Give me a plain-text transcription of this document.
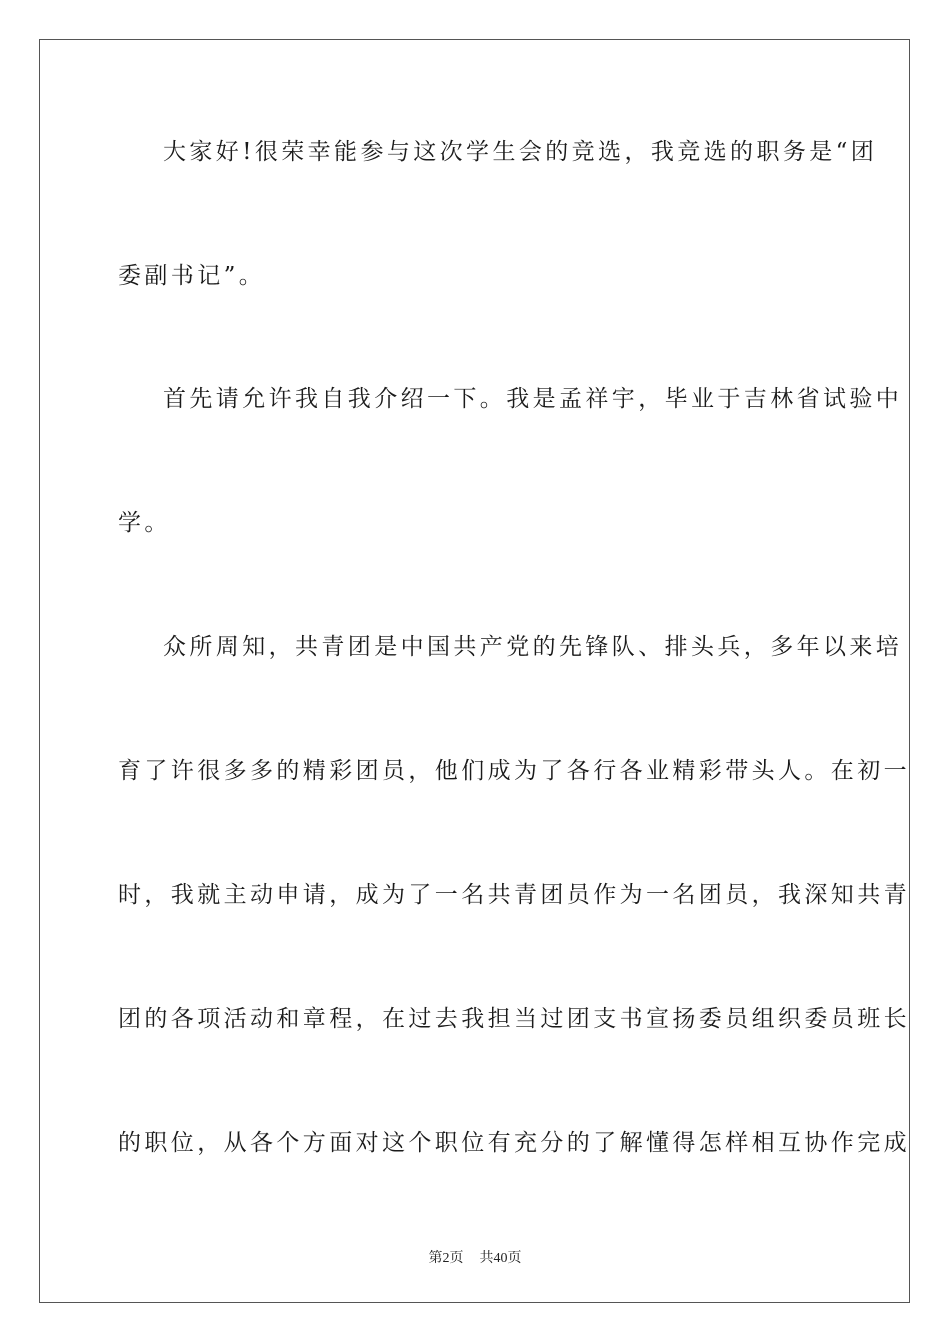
大家好!很荣幸能参与这次学生会的竞选，我竞选的职务是“团
委副书记”。
首先请允许我自我介绍一下。我是孟祥宇，毕业于吉林省试验中
学。
众所周知，共青团是中国共产党的先锋队、排头兵，多年以来培
育了许很多多的精彩团员，他们成为了各行各业精彩带头人。在初一
时，我就主动申请，成为了一名共青团员作为一名团员，我深知共青
团的各项活动和章程，在过去我担当过团支书宣扬委员组织委员班长
的职位，从各个方面对这个职位有充分的了解懂得怎样相互协作完成
第2页 共40页
